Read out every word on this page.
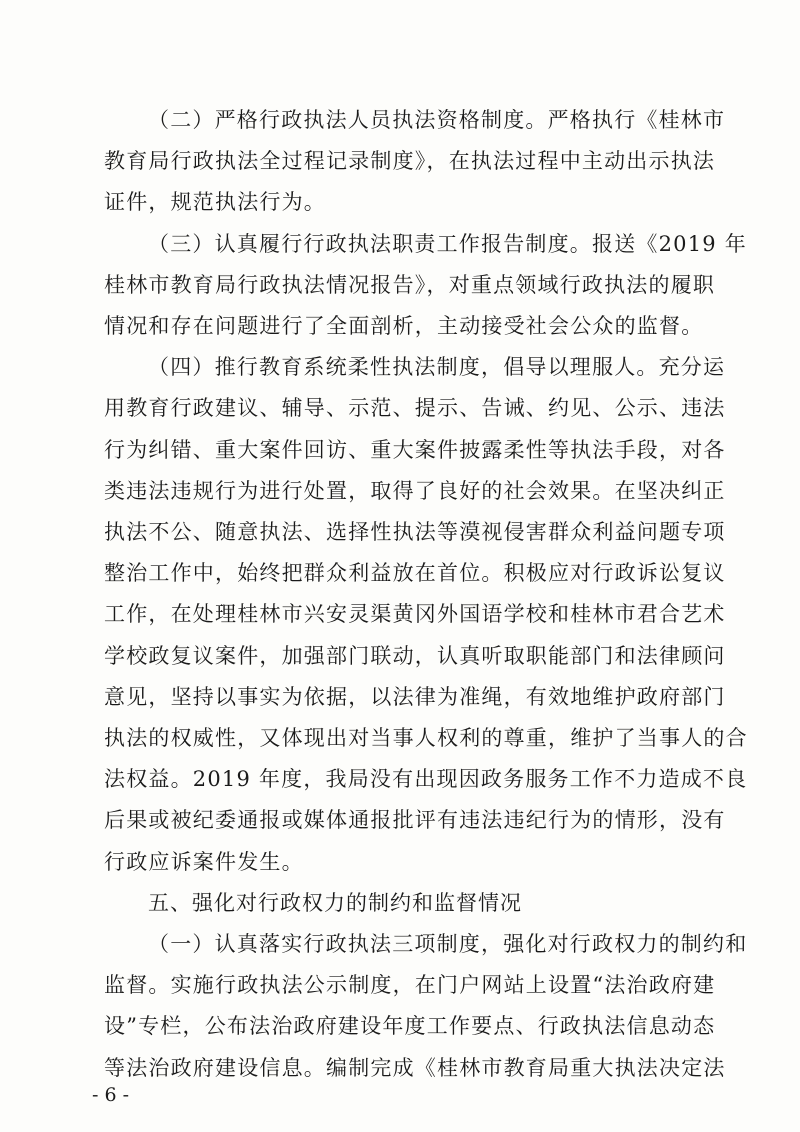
（二）严格行政执法人员执法资格制度。严格执行《桂林市
教育局行政执法全过程记录制度》，在执法过程中主动出示执法
证件，规范执法行为。
（三）认真履行行政执法职责工作报告制度。报送《2019 年
桂林市教育局行政执法情况报告》，对重点领域行政执法的履职
情况和存在问题进行了全面剖析，主动接受社会公众的监督。
（四）推行教育系统柔性执法制度，倡导以理服人。充分运
用教育行政建议、辅导、示范、提示、告诫、约见、公示、违法
行为纠错、重大案件回访、重大案件披露柔性等执法手段，对各
类违法违规行为进行处置，取得了良好的社会效果。在坚决纠正
执法不公、随意执法、选择性执法等漠视侵害群众利益问题专项
整治工作中，始终把群众利益放在首位。积极应对行政诉讼复议
工作，在处理桂林市兴安灵渠黄冈外国语学校和桂林市君合艺术
学校政复议案件，加强部门联动，认真听取职能部门和法律顾问
意见，坚持以事实为依据，以法律为准绳，有效地维护政府部门
执法的权威性，又体现出对当事人权利的尊重，维护了当事人的合
法权益。2019 年度，我局没有出现因政务服务工作不力造成不良
后果或被纪委通报或媒体通报批评有违法违纪行为的情形，没有
行政应诉案件发生。
五、强化对行政权力的制约和监督情况
（一）认真落实行政执法三项制度，强化对行政权力的制约和
监督。实施行政执法公示制度，在门户网站上设置“法治政府建
设”专栏，公布法治政府建设年度工作要点、行政执法信息动态
等法治政府建设信息。编制完成《桂林市教育局重大执法决定法
- 6 -
